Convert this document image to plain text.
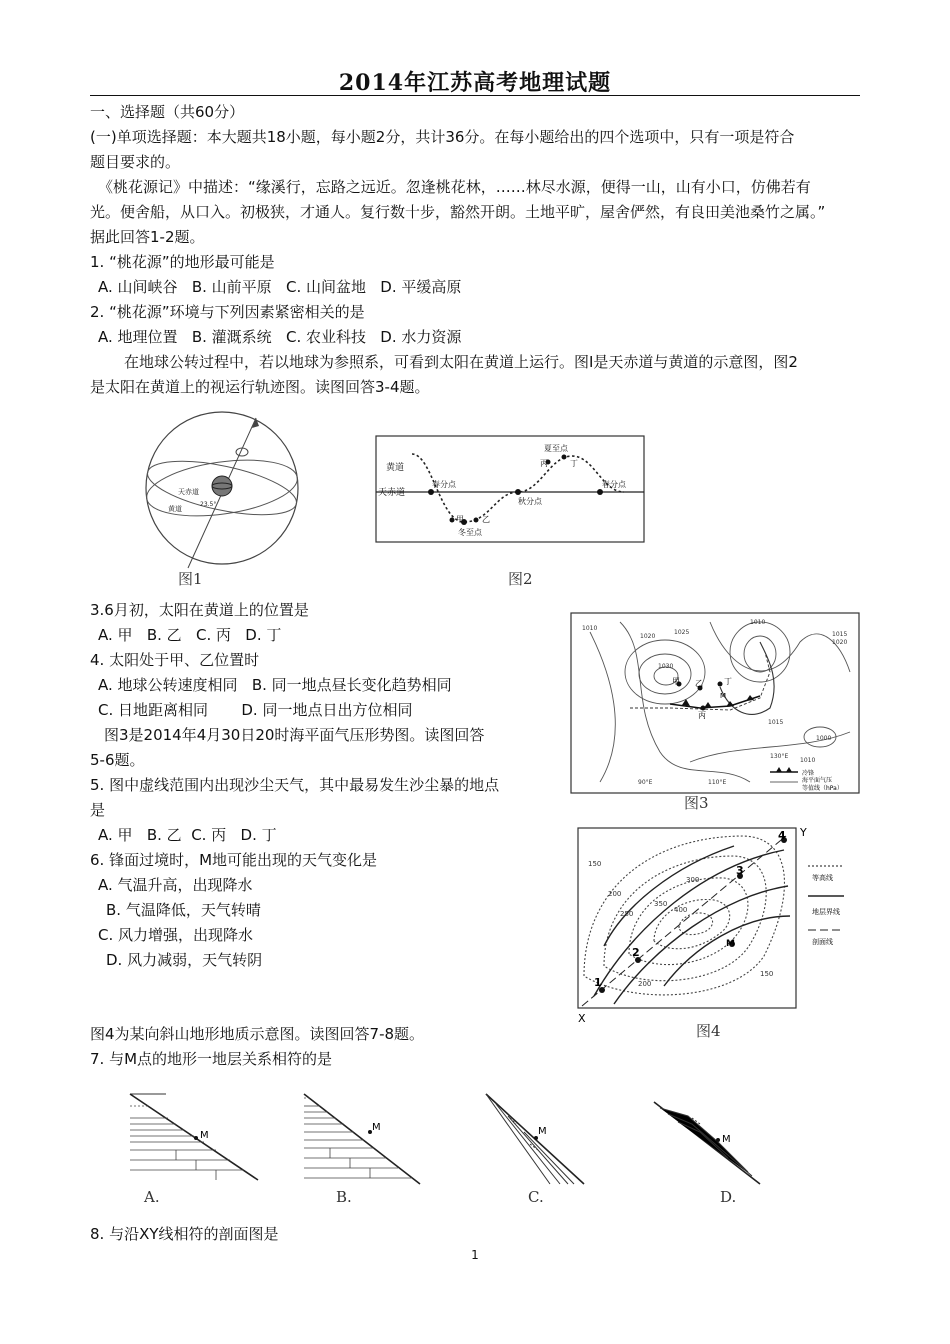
2014年江苏高考地理试题
一、选择题（共60分）
(一)单项选择题：本大题共18小题，每小题2分，共计36分。在每小题给出的四个选项中，只有一项是符合
题目要求的。
《桃花源记》中描述：“缘溪行，忘路之远近。忽逢桃花林，……林尽水源，便得一山，山有小口，仿佛若有
光。便舍船，从口入。初极狭，才通人。复行数十步，豁然开朗。土地平旷，屋舍俨然，有良田美池桑竹之属。”
据此回答1-2题。
1. “桃花源”的地形最可能是
A. 山间峡谷   B. 山前平原   C. 山间盆地   D. 平缓高原
2. “桃花源”环境与下列因素紧密相关的是
A. 地理位置   B. 灌溉系统   C. 农业科技   D. 水力资源
在地球公转过程中，若以地球为参照系，可看到太阳在黄道上运行。图I是天赤道与黄道的示意图，图2
是太阳在黄道上的视运行轨迹图。读图回答3-4题。
天赤道
23.5°
黄道
图1
黄道
天赤道
春分点
秋分点
春分点
夏至点
冬至点
丙	丁
甲 乙
图2
3.6月初，太阳在黄道上的位置是
A. 甲   B. 乙   C. 丙   D. 丁
4. 太阳处于甲、乙位置时
A. 地球公转速度相同   B. 同一地点昼长变化趋势相同
C. 日地距离相同       D. 同一地点日出方位相同
图3是2014年4月30日20时海平面气压形势图。读图回答
5-6题。
5. 图中虚线范围内出现沙尘天气，其中最易发生沙尘暴的地点
是
A. 甲   B. 乙  C. 丙   D. 丁
6. 锋面过境时，M地可能出现的天气变化是
A. 气温升高，出现降水
B. 气温降低，天气转晴
C. 风力增强，出现降水
D. 风力减弱，天气转阴
甲 乙	丁
丙
M
1010
1020
1025
1030
1010
1015
1020
1015
1010
1000
90°E	110°E
130°E
冷锋
海平面气压
等值线（hPa）
图3
1
2
3
4
M
X
Y
150
200
250
300
350
400
200
150
等高线
地层界线
剖面线
图4
图4为某向斜山地形地质示意图。读图回答7-8题。
7. 与M点的地形一地层关系相符的是
M
A.
M
B.
M
C.
M
D.
8. 与沿XY线相符的剖面图是
1
